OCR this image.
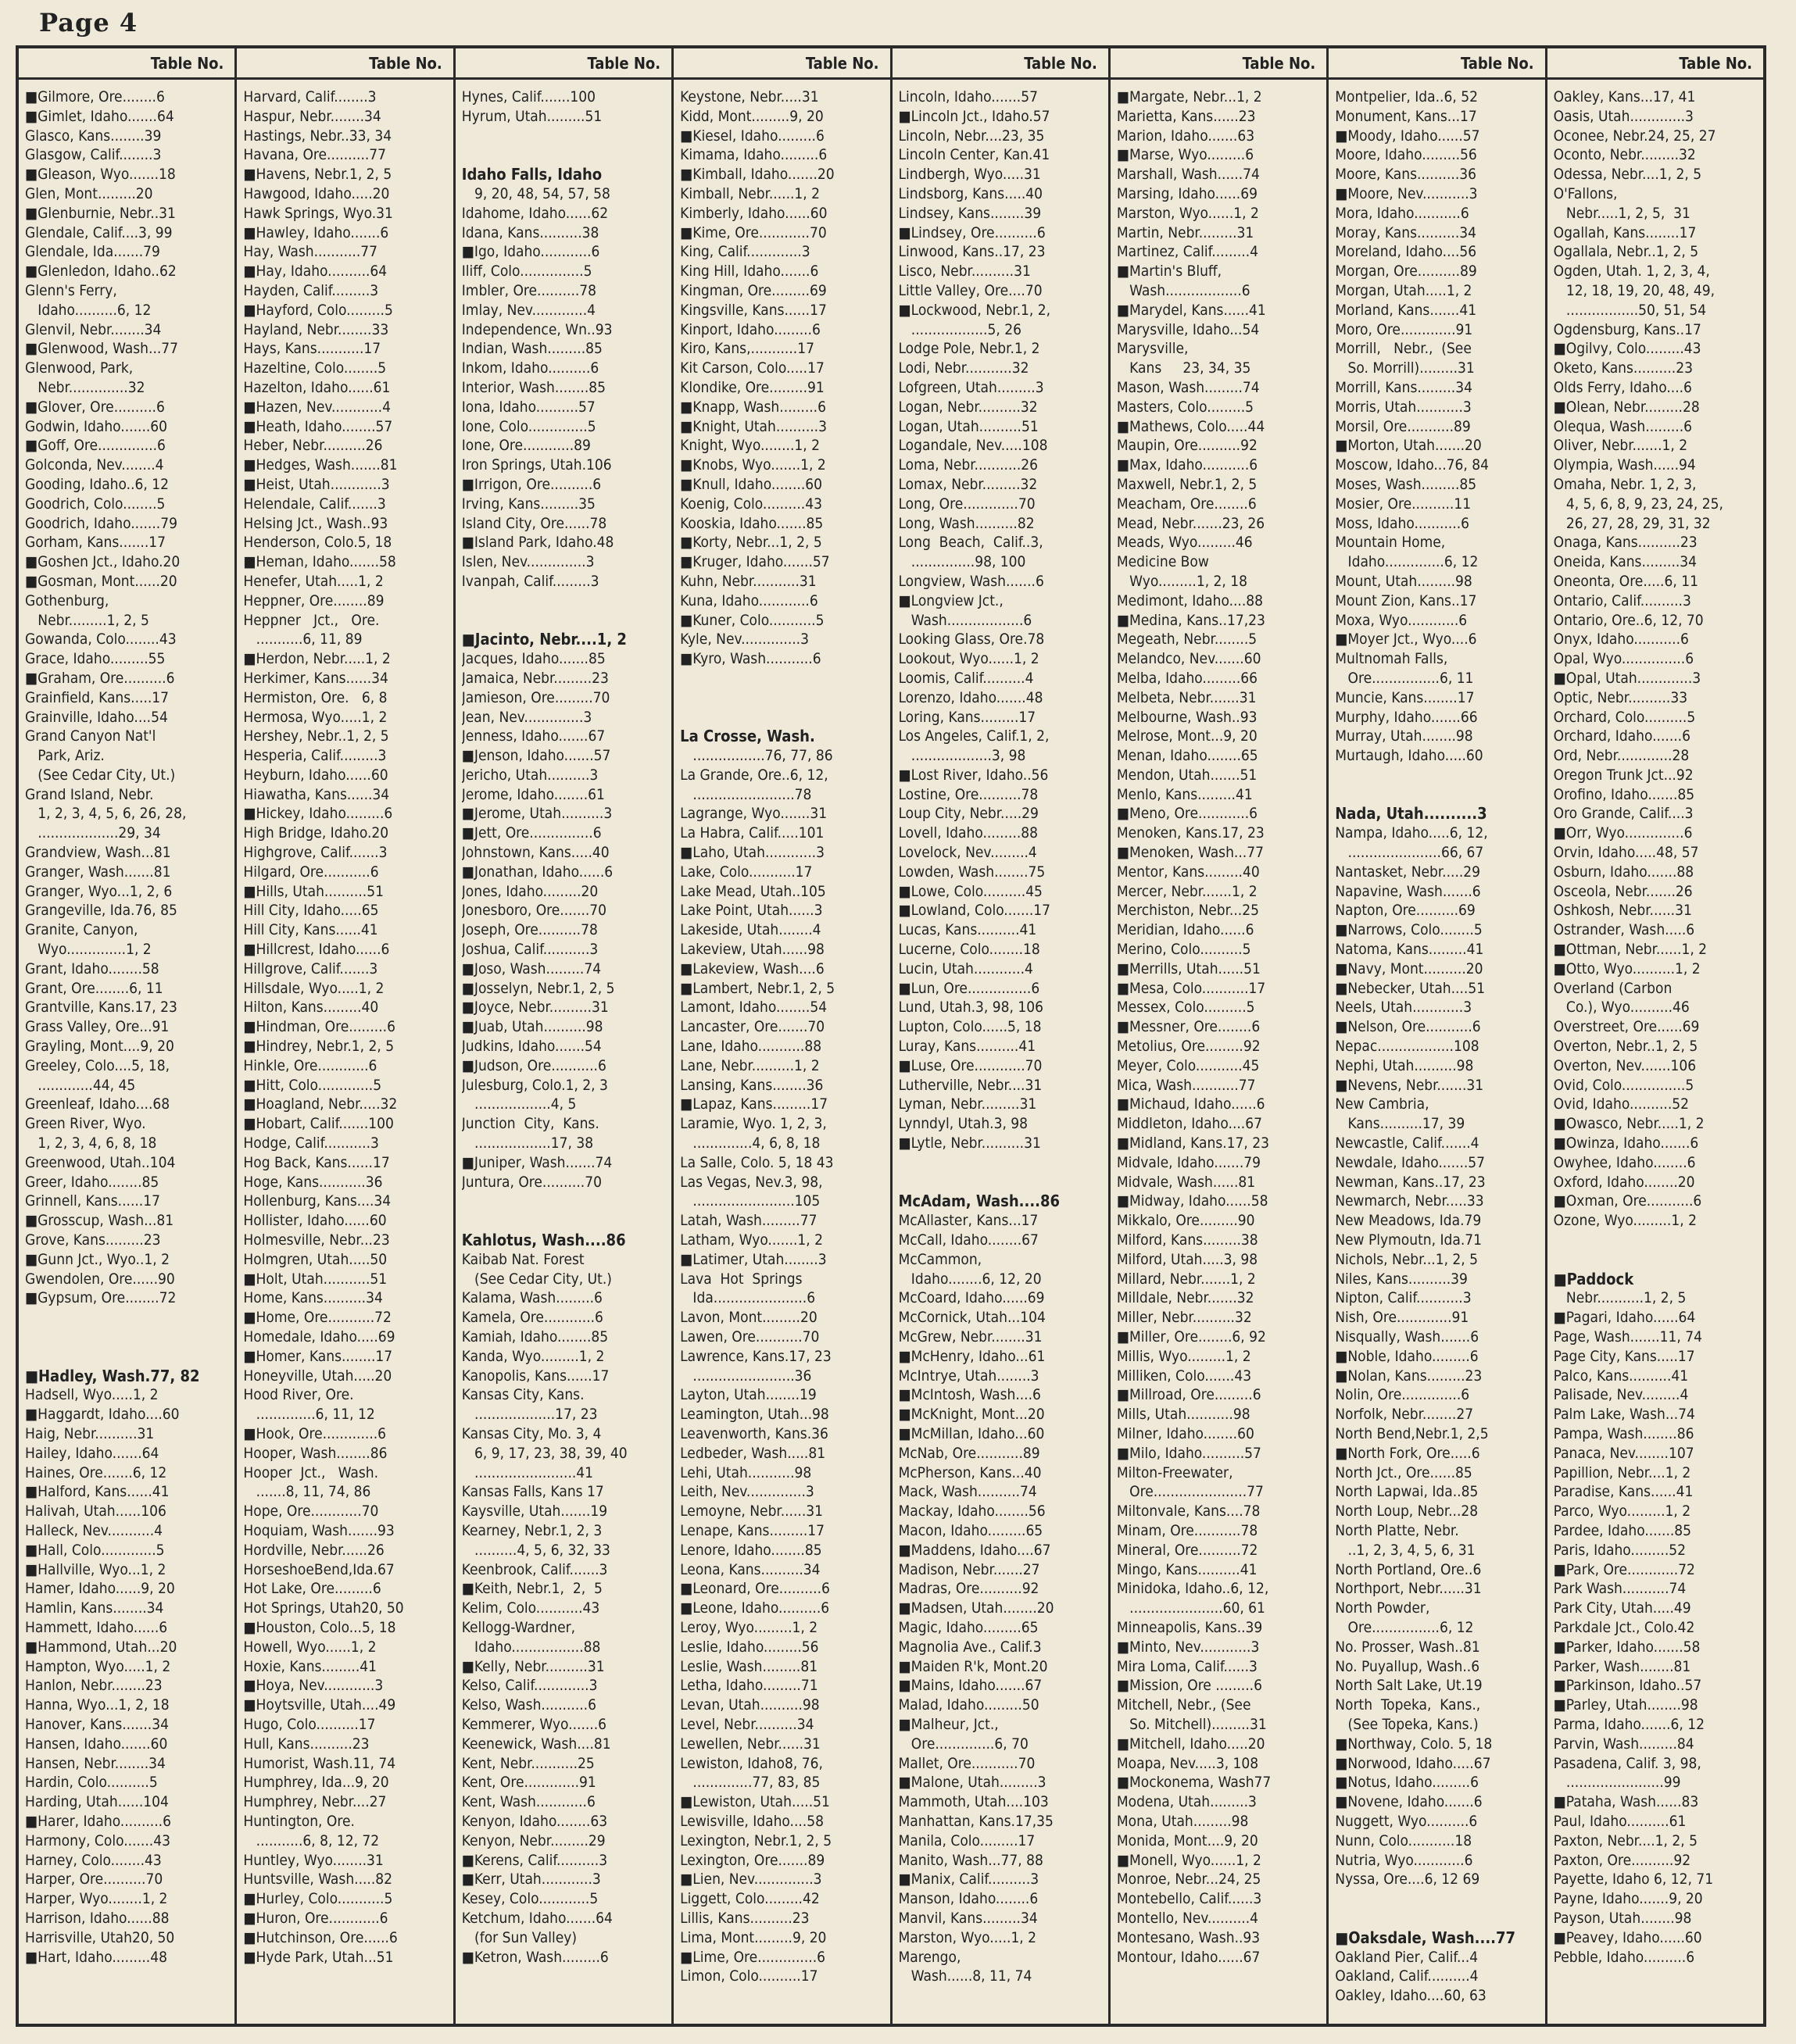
Page 4
Table No.
■Gilmore, Ore........6
■Gimlet, Idaho.......64
Glasco, Kans........39
Glasgow, Calif........3
■Gleason, Wyo.......18
Glen, Mont.........20
■Glenburnie, Nebr..31
Glendale, Calif....3, 99
Glendale, Ida.......79
■Glenledon, Idaho..62
Glenn's Ferry,
Idaho..........6, 12
Glenvil, Nebr........34
■Glenwood, Wash...77
Glenwood, Park,
Nebr..............32
■Glover, Ore..........6
Godwin, Idaho.......60
■Goff, Ore..............6
Golconda, Nev........4
Gooding, Idaho..6, 12
Goodrich, Colo........5
Goodrich, Idaho.......79
Gorham, Kans.......17
■Goshen Jct., Idaho.20
■Gosman, Mont......20
Gothenburg,
Nebr.........1, 2, 5
Gowanda, Colo........43
Grace, Idaho.........55
■Graham, Ore..........6
Grainfield, Kans.....17
Grainville, Idaho....54
Grand Canyon Nat'l
Park, Ariz.
(See Cedar City, Ut.)
Grand Island, Nebr.
1, 2, 3, 4, 5, 6, 26, 28,
...................29, 34
Grandview, Wash...81
Granger, Wash.......81
Granger, Wyo...1, 2, 6
Grangeville, Ida.76, 85
Granite, Canyon,
Wyo..............1, 2
Grant, Idaho........58
Grant, Ore........6, 11
Grantville, Kans.17, 23
Grass Valley, Ore...91
Grayling, Mont....9, 20
Greeley, Colo....5, 18,
.............44, 45
Greenleaf, Idaho....68
Green River, Wyo.
1, 2, 3, 4, 6, 8, 18
Greenwood, Utah..104
Greer, Idaho........85
Grinnell, Kans......17
■Grosscup, Wash...81
Grove, Kans.........23
■Gunn Jct., Wyo..1, 2
Gwendolen, Ore......90
■Gypsum, Ore........72
■Hadley, Wash.77, 82
Hadsell, Wyo.....1, 2
■Haggardt, Idaho....60
Haig, Nebr..........31
Hailey, Idaho.......64
Haines, Ore.......6, 12
■Halford, Kans......41
Halivah, Utah......106
Halleck, Nev...........4
■Hall, Colo.............5
■Hallville, Wyo...1, 2
Hamer, Idaho......9, 20
Hamlin, Kans........34
Hammett, Idaho......6
■Hammond, Utah...20
Hampton, Wyo.....1, 2
Hanlon, Nebr........23
Hanna, Wyo...1, 2, 18
Hanover, Kans.......34
Hansen, Idaho.......60
Hansen, Nebr........34
Hardin, Colo..........5
Harding, Utah......104
■Harer, Idaho..........6
Harmony, Colo.......43
Harney, Colo........43
Harper, Ore..........70
Harper, Wyo........1, 2
Harrison, Idaho......88
Harrisville, Utah20, 50
■Hart, Idaho.........48
Table No.
Harvard, Calif........3
Haspur, Nebr........34
Hastings, Nebr..33, 34
Havana, Ore..........77
■Havens, Nebr.1, 2, 5
Hawgood, Idaho.....20
Hawk Springs, Wyo.31
■Hawley, Idaho.......6
Hay, Wash...........77
■Hay, Idaho..........64
Hayden, Calif.........3
■Hayford, Colo.........5
Hayland, Nebr........33
Hays, Kans...........17
Hazeltine, Colo........5
Hazelton, Idaho......61
■Hazen, Nev............4
■Heath, Idaho........57
Heber, Nebr..........26
■Hedges, Wash.......81
■Heist, Utah............3
Helendale, Calif.......3
Helsing Jct., Wash..93
Henderson, Colo.5, 18
■Heman, Idaho.......58
Henefer, Utah.....1, 2
Heppner, Ore........89
Heppner   Jct.,   Ore.
...........6, 11, 89
■Herdon, Nebr.....1, 2
Herkimer, Kans......34
Hermiston, Ore.   6, 8
Hermosa, Wyo.....1, 2
Hershey, Nebr..1, 2, 5
Hesperia, Calif.........3
Heyburn, Idaho......60
Hiawatha, Kans......34
■Hickey, Idaho.........6
High Bridge, Idaho.20
Highgrove, Calif.......3
Hilgard, Ore...........6
■Hills, Utah..........51
Hill City, Idaho.....65
Hill City, Kans......41
■Hillcrest, Idaho......6
Hillgrove, Calif.......3
Hillsdale, Wyo.....1, 2
Hilton, Kans.........40
■Hindman, Ore.........6
■Hindrey, Nebr.1, 2, 5
Hinkle, Ore............6
■Hitt, Colo.............5
■Hoagland, Nebr.....32
■Hobart, Calif.......100
Hodge, Calif...........3
Hog Back, Kans......17
Hoge, Kans...........36
Hollenburg, Kans....34
Hollister, Idaho......60
Holmesville, Nebr...23
Holmgren, Utah.....50
■Holt, Utah...........51
Home, Kans..........34
■Home, Ore...........72
Homedale, Idaho.....69
■Homer, Kans........17
Honeyville, Utah.....20
Hood River, Ore.
..............6, 11, 12
■Hook, Ore.............6
Hooper, Wash........86
Hooper  Jct.,   Wash.
.......8, 11, 74, 86
Hope, Ore............70
Hoquiam, Wash.......93
Hordville, Nebr......26
HorseshoeBend,Ida.67
Hot Lake, Ore.........6
Hot Springs, Utah20, 50
■Houston, Colo...5, 18
Howell, Wyo......1, 2
Hoxie, Kans.........41
■Hoya, Nev............3
■Hoytsville, Utah....49
Hugo, Colo..........17
Hull, Kans..........23
Humorist, Wash.11, 74
Humphrey, Ida...9, 20
Humphrey, Nebr....27
Huntington, Ore.
...........6, 8, 12, 72
Huntley, Wyo........31
Huntsville, Wash.....82
■Hurley, Colo...........5
■Huron, Ore............6
■Hutchinson, Ore......6
■Hyde Park, Utah...51
Table No.
Hynes, Calif.......100
Hyrum, Utah.........51
Idaho Falls, Idaho
9, 20, 48, 54, 57, 58
Idahome, Idaho......62
Idana, Kans..........38
■Igo, Idaho............6
Iliff, Colo...............5
Imbler, Ore..........78
Imlay, Nev.............4
Independence, Wn..93
Indian, Wash.........85
Inkom, Idaho..........6
Interior, Wash........85
Iona, Idaho..........57
Ione, Colo..............5
Ione, Ore............89
Iron Springs, Utah.106
■Irrigon, Ore..........6
Irving, Kans.........35
Island City, Ore......78
■Island Park, Idaho.48
Islen, Nev..............3
Ivanpah, Calif.........3
■Jacinto, Nebr....1, 2
Jacques, Idaho.......85
Jamaica, Nebr.........23
Jamieson, Ore.........70
Jean, Nev..............3
Jenness, Idaho.......67
■Jenson, Idaho.......57
Jericho, Utah..........3
Jerome, Idaho........61
■Jerome, Utah..........3
■Jett, Ore...............6
Johnstown, Kans.....40
■Jonathan, Idaho......6
Jones, Idaho.........20
Jonesboro, Ore.......70
Joseph, Ore..........78
Joshua, Calif...........3
■Joso, Wash.........74
■Josselyn, Nebr.1, 2, 5
■Joyce, Nebr..........31
■Juab, Utah..........98
Judkins, Idaho.......54
■Judson, Ore...........6
Julesburg, Colo.1, 2, 3
..................4, 5
Junction  City,  Kans.
..................17, 38
■Juniper, Wash.......74
Juntura, Ore..........70
Kahlotus, Wash....86
Kaibab Nat. Forest
(See Cedar City, Ut.)
Kalama, Wash.........6
Kamela, Ore............6
Kamiah, Idaho........85
Kanda, Wyo.........1, 2
Kanopolis, Kans......17
Kansas City, Kans.
...................17, 23
Kansas City, Mo. 3, 4
6, 9, 17, 23, 38, 39, 40
........................41
Kansas Falls, Kans 17
Kaysville, Utah.......19
Kearney, Nebr.1, 2, 3
..........4, 5, 6, 32, 33
Keenbrook, Calif.......3
■Keith, Nebr.1,  2,  5
Kelim, Colo...........43
Kellogg-Wardner,
Idaho.................88
■Kelly, Nebr..........31
Kelso, Calif.............3
Kelso, Wash...........6
Kemmerer, Wyo.......6
Keenewick, Wash....81
Kent, Nebr...........25
Kent, Ore.............91
Kent, Wash............6
Kenyon, Idaho........63
Kenyon, Nebr.........29
■Kerens, Calif..........3
■Kerr, Utah............3
Kesey, Colo............5
Ketchum, Idaho.......64
(for Sun Valley)
■Ketron, Wash.........6
Table No.
Keystone, Nebr.....31
Kidd, Mont.........9, 20
■Kiesel, Idaho.........6
Kimama, Idaho.........6
■Kimball, Idaho.......20
Kimball, Nebr......1, 2
Kimberly, Idaho......60
■Kime, Ore............70
King, Calif.............3
King Hill, Idaho.......6
Kingman, Ore.........69
Kingsville, Kans......17
Kinport, Idaho.........6
Kiro, Kans,...........17
Kit Carson, Colo.....17
Klondike, Ore.........91
■Knapp, Wash.........6
■Knight, Utah..........3
Knight, Wyo........1, 2
■Knobs, Wyo.......1, 2
■Knull, Idaho........60
Koenig, Colo..........43
Kooskia, Idaho.......85
■Korty, Nebr...1, 2, 5
■Kruger, Idaho.......57
Kuhn, Nebr...........31
Kuna, Idaho............6
■Kuner, Colo...........5
Kyle, Nev..............3
■Kyro, Wash...........6
La Crosse, Wash.
.................76, 77, 86
La Grande, Ore..6, 12,
........................78
Lagrange, Wyo.......31
La Habra, Calif.....101
■Laho, Utah............3
Lake, Colo...........17
Lake Mead, Utah..105
Lake Point, Utah......3
Lakeside, Utah........4
Lakeview, Utah......98
■Lakeview, Wash....6
■Lambert, Nebr.1, 2, 5
Lamont, Idaho........54
Lancaster, Ore.......70
Lane, Idaho...........88
Lane, Nebr..........1, 2
Lansing, Kans........36
■Lapaz, Kans.........17
Laramie, Wyo. 1, 2, 3,
..............4, 6, 8, 18
La Salle, Colo. 5, 18 43
Las Vegas, Nev.3, 98,
........................105
Latah, Wash.........77
Latham, Wyo.......1, 2
■Latimer, Utah........3
Lava  Hot  Springs
Ida......................6
Lavon, Mont.........20
Lawen, Ore...........70
Lawrence, Kans.17, 23
........................36
Layton, Utah........19
Leamington, Utah...98
Leavenworth, Kans.36
Ledbeder, Wash.....81
Lehi, Utah...........98
Leith, Nev..............3
Lemoyne, Nebr......31
Lenape, Kans.........17
Lenore, Idaho........85
Leona, Kans..........34
■Leonard, Ore..........6
■Leone, Idaho..........6
Leroy, Wyo.........1, 2
Leslie, Idaho.........56
Leslie, Wash.........81
Letha, Idaho.........71
Levan, Utah..........98
Level, Nebr..........34
Lewellen, Nebr......31
Lewiston, Idaho8, 76,
..............77, 83, 85
■Lewiston, Utah.....51
Lewisville, Idaho....58
Lexington, Nebr.1, 2, 5
Lexington, Ore.......89
■Lien, Nev..............3
Liggett, Colo.........42
Lillis, Kans..........23
Lima, Mont.........9, 20
■Lime, Ore..............6
Limon, Colo..........17
Table No.
Lincoln, Idaho.......57
■Lincoln Jct., Idaho.57
Lincoln, Nebr....23, 35
Lincoln Center, Kan.41
Lindbergh, Wyo.....31
Lindsborg, Kans.....40
Lindsey, Kans........39
■Lindsey, Ore..........6
Linwood, Kans..17, 23
Lisco, Nebr..........31
Little Valley, Ore....70
■Lockwood, Nebr.1, 2,
..................5, 26
Lodge Pole, Nebr.1, 2
Lodi, Nebr...........32
Lofgreen, Utah.........3
Logan, Nebr..........32
Logan, Utah..........51
Logandale, Nev.....108
Loma, Nebr...........26
Lomax, Nebr.........32
Long, Ore.............70
Long, Wash..........82
Long  Beach,  Calif..3,
...............98, 100
Longview, Wash.......6
■Longview Jct.,
Wash..................6
Looking Glass, Ore.78
Lookout, Wyo......1, 2
Loomis, Calif..........4
Lorenzo, Idaho.......48
Loring, Kans.........17
Los Angeles, Calif.1, 2,
...................3, 98
■Lost River, Idaho..56
Lostine, Ore..........78
Loup City, Nebr.....29
Lovell, Idaho.........88
Lovelock, Nev.........4
Lowden, Wash........75
■Lowe, Colo..........45
■Lowland, Colo.......17
Lucas, Kans..........41
Lucerne, Colo........18
Lucin, Utah............4
■Lun, Ore...............6
Lund, Utah.3, 98, 106
Lupton, Colo......5, 18
Luray, Kans..........41
■Luse, Ore............70
Lutherville, Nebr....31
Lyman, Nebr.........31
Lynndyl, Utah.3, 98
■Lytle, Nebr..........31
McAdam, Wash....86
McAllaster, Kans...17
McCall, Idaho........67
McCammon,
Idaho........6, 12, 20
McCoard, Idaho......69
McCornick, Utah...104
McGrew, Nebr........31
■McHenry, Idaho...61
McIntrye, Utah........3
■McIntosh, Wash....6
■McKnight, Mont...20
■McMillan, Idaho...60
McNab, Ore...........89
McPherson, Kans...40
Mack, Wash..........74
Mackay, Idaho........56
Macon, Idaho.........65
■Maddens, Idaho....67
Madison, Nebr.......27
Madras, Ore..........92
■Madsen, Utah........20
Magic, Idaho.........65
Magnolia Ave., Calif.3
■Maiden R'k, Mont.20
■Mains, Idaho.......67
Malad, Idaho.........50
■Malheur, Jct.,
Ore..............6, 70
Mallet, Ore...........70
■Malone, Utah.........3
Mammoth, Utah....103
Manhattan, Kans.17,35
Manila, Colo.........17
Manito, Wash...77, 88
■Manix, Calif..........3
Manson, Idaho........6
Manvil, Kans.........34
Marston, Wyo.....1, 2
Marengo,
Wash......8, 11, 74
Table No.
■Margate, Nebr...1, 2
Marietta, Kans......23
Marion, Idaho.......63
■Marse, Wyo.........6
Marshall, Wash......74
Marsing, Idaho......69
Marston, Wyo......1, 2
Martin, Nebr.........31
Martinez, Calif.........4
■Martin's Bluff,
Wash..................6
■Marydel, Kans......41
Marysville, Idaho...54
Marysville,
Kans     23, 34, 35
Mason, Wash.........74
Masters, Colo.........5
■Mathews, Colo.....44
Maupin, Ore..........92
■Max, Idaho...........6
Maxwell, Nebr.1, 2, 5
Meacham, Ore........6
Mead, Nebr.......23, 26
Meads, Wyo.........46
Medicine Bow
Wyo.........1, 2, 18
Medimont, Idaho....88
■Medina, Kans..17,23
Megeath, Nebr........5
Melandco, Nev.......60
Melba, Idaho.........66
Melbeta, Nebr.......31
Melbourne, Wash..93
Melrose, Mont...9, 20
Menan, Idaho........65
Mendon, Utah.......51
Menlo, Kans.........41
■Meno, Ore............6
Menoken, Kans.17, 23
■Menoken, Wash...77
Mentor, Kans.........40
Mercer, Nebr.......1, 2
Merchiston, Nebr...25
Meridian, Idaho......6
Merino, Colo..........5
■Merrills, Utah......51
■Mesa, Colo...........17
Messex, Colo..........5
■Messner, Ore........6
Metolius, Ore.........92
Meyer, Colo...........45
Mica, Wash...........77
■Michaud, Idaho......6
Middleton, Idaho....67
■Midland, Kans.17, 23
Midvale, Idaho.......79
Midvale, Wash......81
■Midway, Idaho......58
Mikkalo, Ore.........90
Milford, Kans.........38
Milford, Utah.....3, 98
Millard, Nebr.......1, 2
Milldale, Nebr.......32
Miller, Nebr..........32
■Miller, Ore........6, 92
Millis, Wyo.........1, 2
Milliken, Colo.......43
■Millroad, Ore.........6
Mills, Utah...........98
Milner, Idaho........60
■Milo, Idaho..........57
Milton-Freewater,
Ore......................77
Miltonvale, Kans....78
Minam, Ore...........78
Mineral, Ore..........72
Mingo, Kans..........41
Minidoka, Idaho..6, 12,
......................60, 61
Minneapolis, Kans..39
■Minto, Nev............3
Mira Loma, Calif......3
■Mission, Ore .........6
Mitchell, Nebr., (See
So. Mitchell).........31
■Mitchell, Idaho.....20
Moapa, Nev.....3, 108
■Mockonema, Wash77
Modena, Utah.........3
Mona, Utah.........98
Monida, Mont....9, 20
■Monell, Wyo......1, 2
Monroe, Nebr...24, 25
Montebello, Calif......3
Montello, Nev..........4
Montesano, Wash..93
Montour, Idaho......67
Table No.
Montpelier, Ida..6, 52
Monument, Kans...17
■Moody, Idaho......57
Moore, Idaho.........56
Moore, Kans..........36
■Moore, Nev...........3
Mora, Idaho...........6
Moray, Kans..........34
Moreland, Idaho....56
Morgan, Ore..........89
Morgan, Utah.....1, 2
Morland, Kans.......41
Moro, Ore.............91
Morrill,   Nebr.,  (See
So. Morrill).........31
Morrill, Kans.........34
Morris, Utah...........3
Morsil, Ore...........89
■Morton, Utah.......20
Moscow, Idaho...76, 84
Moses, Wash.........85
Mosier, Ore..........11
Moss, Idaho...........6
Mountain Home,
Idaho..............6, 12
Mount, Utah.........98
Mount Zion, Kans..17
Moxa, Wyo............6
■Moyer Jct., Wyo....6
Multnomah Falls,
Ore................6, 11
Muncie, Kans........17
Murphy, Idaho.......66
Murray, Utah........98
Murtaugh, Idaho.....60
Nada, Utah..........3
Nampa, Idaho.....6, 12,
......................66, 67
Nantasket, Nebr.....29
Napavine, Wash.......6
Napton, Ore..........69
■Narrows, Colo........5
Natoma, Kans.........41
■Navy, Mont..........20
■Nebecker, Utah....51
Neels, Utah............3
■Nelson, Ore...........6
Nepac..................108
Nephi, Utah..........98
■Nevens, Nebr.......31
New Cambria,
Kans..........17, 39
Newcastle, Calif.......4
Newdale, Idaho.......57
Newman, Kans..17, 23
Newmarch, Nebr.....33
New Meadows, Ida.79
New Plymoutn, Ida.71
Nichols, Nebr...1, 2, 5
Niles, Kans..........39
Nipton, Calif...........3
Nish, Ore.............91
Nisqually, Wash.......6
■Noble, Idaho.........6
■Nolan, Kans.........23
Nolin, Ore..............6
Norfolk, Nebr........27
North Bend,Nebr.1, 2,5
■North Fork, Ore.....6
North Jct., Ore......85
North Lapwai, Ida..85
North Loup, Nebr...28
North Platte, Nebr.
..1, 2, 3, 4, 5, 6, 31
North Portland, Ore..6
Northport, Nebr......31
North Powder,
Ore................6, 12
No. Prosser, Wash..81
No. Puyallup, Wash..6
North Salt Lake, Ut.19
North  Topeka,  Kans.,
(See Topeka, Kans.)
■Northway, Colo. 5, 18
■Norwood, Idaho.....67
■Notus, Idaho.........6
■Novene, Idaho.......6
Nuggett, Wyo..........6
Nunn, Colo...........18
Nutria, Wyo............6
Nyssa, Ore....6, 12 69
■Oaksdale, Wash....77
Oakland Pier, Calif...4
Oakland, Calif..........4
Oakley, Idaho....60, 63
Table No.
Oakley, Kans...17, 41
Oasis, Utah.............3
Oconee, Nebr.24, 25, 27
Oconto, Nebr.........32
Odessa, Nebr....1, 2, 5
O'Fallons,
Nebr.....1, 2, 5,  31
Ogallah, Kans........17
Ogallala, Nebr..1, 2, 5
Ogden, Utah. 1, 2, 3, 4,
12, 18, 19, 20, 48, 49,
.................50, 51, 54
Ogdensburg, Kans..17
■Ogilvy, Colo.........43
Oketo, Kans..........23
Olds Ferry, Idaho....6
■Olean, Nebr.........28
Olequa, Wash.........6
Oliver, Nebr.......1, 2
Olympia, Wash......94
Omaha, Nebr. 1, 2, 3,
4, 5, 6, 8, 9, 23, 24, 25,
26, 27, 28, 29, 31, 32
Onaga, Kans..........23
Oneida, Kans.........34
Oneonta, Ore.....6, 11
Ontario, Calif..........3
Ontario, Ore..6, 12, 70
Onyx, Idaho...........6
Opal, Wyo...............6
■Opal, Utah.............3
Optic, Nebr..........33
Orchard, Colo..........5
Orchard, Idaho.......6
Ord, Nebr.............28
Oregon Trunk Jct...92
Orofino, Idaho.......85
Oro Grande, Calif....3
■Orr, Wyo..............6
Orvin, Idaho.....48, 57
Osburn, Idaho.......88
Osceola, Nebr.......26
Oshkosh, Nebr......31
Ostrander, Wash.....6
■Ottman, Nebr......1, 2
■Otto, Wyo..........1, 2
Overland (Carbon
Co.), Wyo..........46
Overstreet, Ore......69
Overton, Nebr..1, 2, 5
Overton, Nev.......106
Ovid, Colo...............5
Ovid, Idaho..........52
■Owasco, Nebr.....1, 2
■Owinza, Idaho.......6
Owyhee, Idaho........6
Oxford, Idaho........20
■Oxman, Ore...........6
Ozone, Wyo.........1, 2
■Paddock
Nebr...........1, 2, 5
■Pagari, Idaho......64
Page, Wash.......11, 74
Page City, Kans.....17
Palco, Kans..........41
Palisade, Nev.........4
Palm Lake, Wash...74
Pampa, Wash........86
Panaca, Nev........107
Papillion, Nebr....1, 2
Paradise, Kans......41
Parco, Wyo.........1, 2
Pardee, Idaho.......85
Paris, Idaho.........52
■Park, Ore............72
Park Wash...........74
Park City, Utah.....49
Parkdale Jct., Colo.42
■Parker, Idaho.......58
Parker, Wash........81
■Parkinson, Idaho..57
■Parley, Utah........98
Parma, Idaho.......6, 12
Parvin, Wash.........84
Pasadena, Calif. 3, 98,
.......................99
■Pataha, Wash......83
Paul, Idaho..........61
Paxton, Nebr....1, 2, 5
Paxton, Ore..........92
Payette, Idaho 6, 12, 71
Payne, Idaho.......9, 20
Payson, Utah........98
■Peavey, Idaho......60
Pebble, Idaho..........6
